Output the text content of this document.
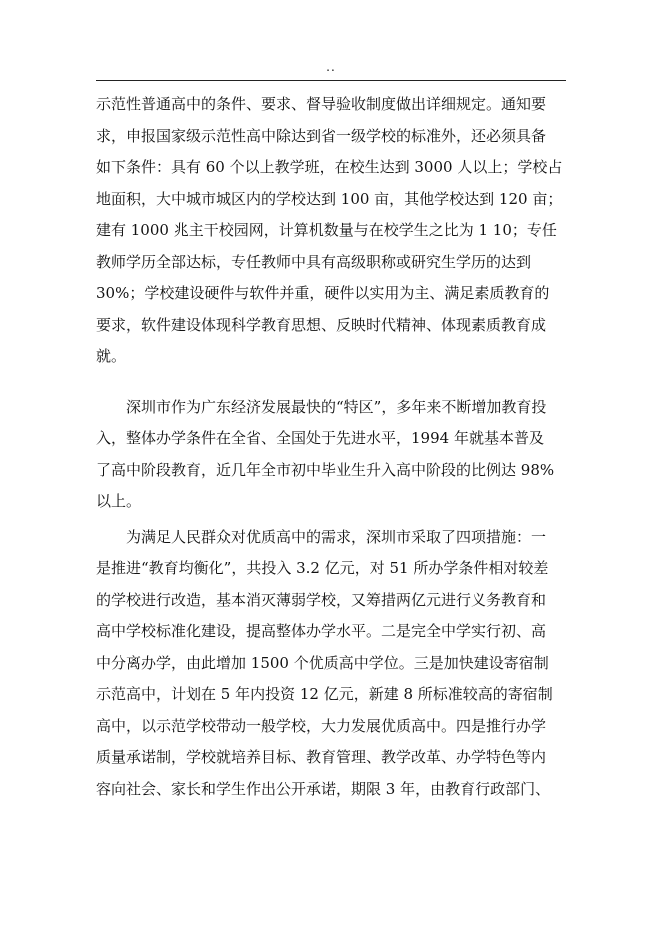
..
示范性普通高中的条件、要求、督导验收制度做出详细规定。通知要
求，申报国家级示范性高中除达到省一级学校的标准外，还必须具备
如下条件：具有 60 个以上教学班，在校生达到 3000 人以上；学校占
地面积，大中城市城区内的学校达到 100 亩，其他学校达到 120 亩；
建有 1000 兆主干校园网，计算机数量与在校学生之比为 1 10；专任
教师学历全部达标，专任教师中具有高级职称或研究生学历的达到
30%；学校建设硬件与软件并重，硬件以实用为主、满足素质教育的
要求，软件建设体现科学教育思想、反映时代精神、体现素质教育成
就。
　　深圳市作为广东经济发展最快的“特区”，多年来不断增加教育投
入，整体办学条件在全省、全国处于先进水平，1994 年就基本普及
了高中阶段教育，近几年全市初中毕业生升入高中阶段的比例达 98%
以上。
　　为满足人民群众对优质高中的需求，深圳市采取了四项措施：一
是推进“教育均衡化”，共投入 3.2 亿元，对 51 所办学条件相对较差
的学校进行改造，基本消灭薄弱学校，又筹措两亿元进行义务教育和
高中学校标准化建设，提高整体办学水平。二是完全中学实行初、高
中分离办学，由此增加 1500 个优质高中学位。三是加快建设寄宿制
示范高中，计划在 5 年内投资 12 亿元，新建 8 所标准较高的寄宿制
高中，以示范学校带动一般学校，大力发展优质高中。四是推行办学
质量承诺制，学校就培养目标、教育管理、教学改革、办学特色等内
容向社会、家长和学生作出公开承诺，期限 3 年，由教育行政部门、
